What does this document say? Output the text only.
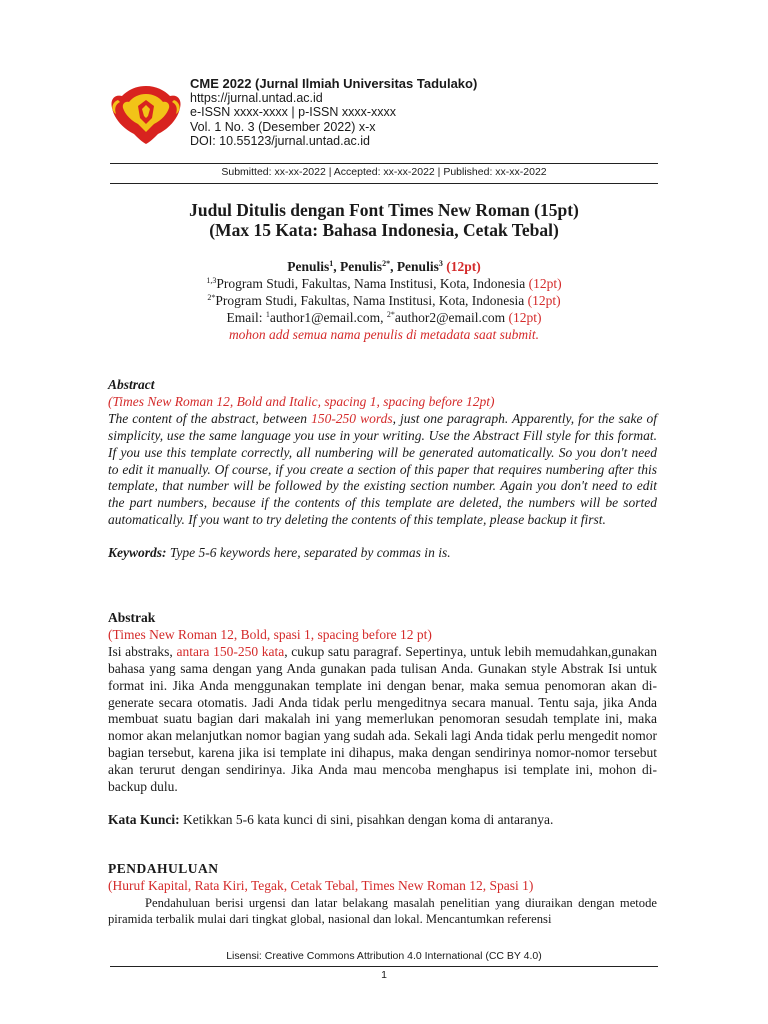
CME 2022 (Jurnal Ilmiah Universitas Tadulako)
https://jurnal.untad.ac.id
e-ISSN xxxx-xxxx | p-ISSN xxxx-xxxx
Vol. 1 No. 3 (Desember 2022) x-x
DOI: 10.55123/jurnal.untad.ac.id
Submitted: xx-xx-2022 | Accepted: xx-xx-2022 | Published: xx-xx-2022
Judul Ditulis dengan Font Times New Roman (15pt)
(Max 15 Kata: Bahasa Indonesia, Cetak Tebal)
Penulis$^1$, Penulis$^{2*}$, Penulis$^3$ (12pt)
$^{1,3}$Program Studi, Fakultas, Nama Institusi, Kota, Indonesia (12pt)
$^{2*}$Program Studi, Fakultas, Nama Institusi, Kota, Indonesia (12pt)
Email: $^1$author1@email.com, $^{2*}$author2@email.com (12pt)
mohon add semua nama penulis di metadata saat submit.

Abstract

(Times New Roman 12, Bold and Italic, spacing 1, spacing before 12pt)

The content of the abstract, between 150-250 words, just one paragraph. Apparently, for the sake of simplicity, use the same language you use in your writing. Use the Abstract Fill style for this format. If you use this template correctly, all numbering will be generated automatically. So you don't need to edit it manually. Of course, if you create a section of this paper that requires numbering after this template, that number will be followed by the existing section number. Again you don't need to edit the part numbers, because if the contents of this template are deleted, the numbers will be sorted automatically. If you want to try deleting the contents of this template, please backup it first.

Keywords: Type 5-6 keywords here, separated by commas in is.

Abstrak

(Times New Roman 12, Bold, spasi 1, spacing before 12 pt)

Isi abstraks, antara 150-250 kata, cukup satu paragraf. Sepertinya, untuk lebih memudahkan,gunakan bahasa yang sama dengan yang Anda gunakan pada tulisan Anda. Gunakan style Abstrak Isi untuk format ini. Jika Anda menggunakan template ini dengan benar, maka semua penomoran akan di-generate secara otomatis. Jadi Anda tidak perlu mengeditnya secara manual. Tentu saja, jika Anda membuat suatu bagian dari makalah ini yang memerlukan penomoran sesudah template ini, maka nomor akan melanjutkan nomor bagian yang sudah ada. Sekali lagi Anda tidak perlu mengedit nomor bagian tersebut, karena jika isi template ini dihapus, maka dengan sendirinya nomor-nomor tersebut akan terurut dengan sendirinya. Jika Anda mau mencoba menghapus isi template ini, mohon di-backup dulu.

Kata Kunci: Ketikkan 5-6 kata kunci di sini, pisahkan dengan koma di antaranya.

PENDAHULUAN

(Huruf Kapital, Rata Kiri, Tegak, Cetak Tebal, Times New Roman 12, Spasi 1)

Pendahuluan berisi urgensi dan latar belakang masalah penelitian yang diuraikan dengan metode piramida terbalik mulai dari tingkat global, nasional dan lokal. Mencantumkan referensi

Lisensi: Creative Commons Attribution 4.0 International (CC BY 4.0)
1
